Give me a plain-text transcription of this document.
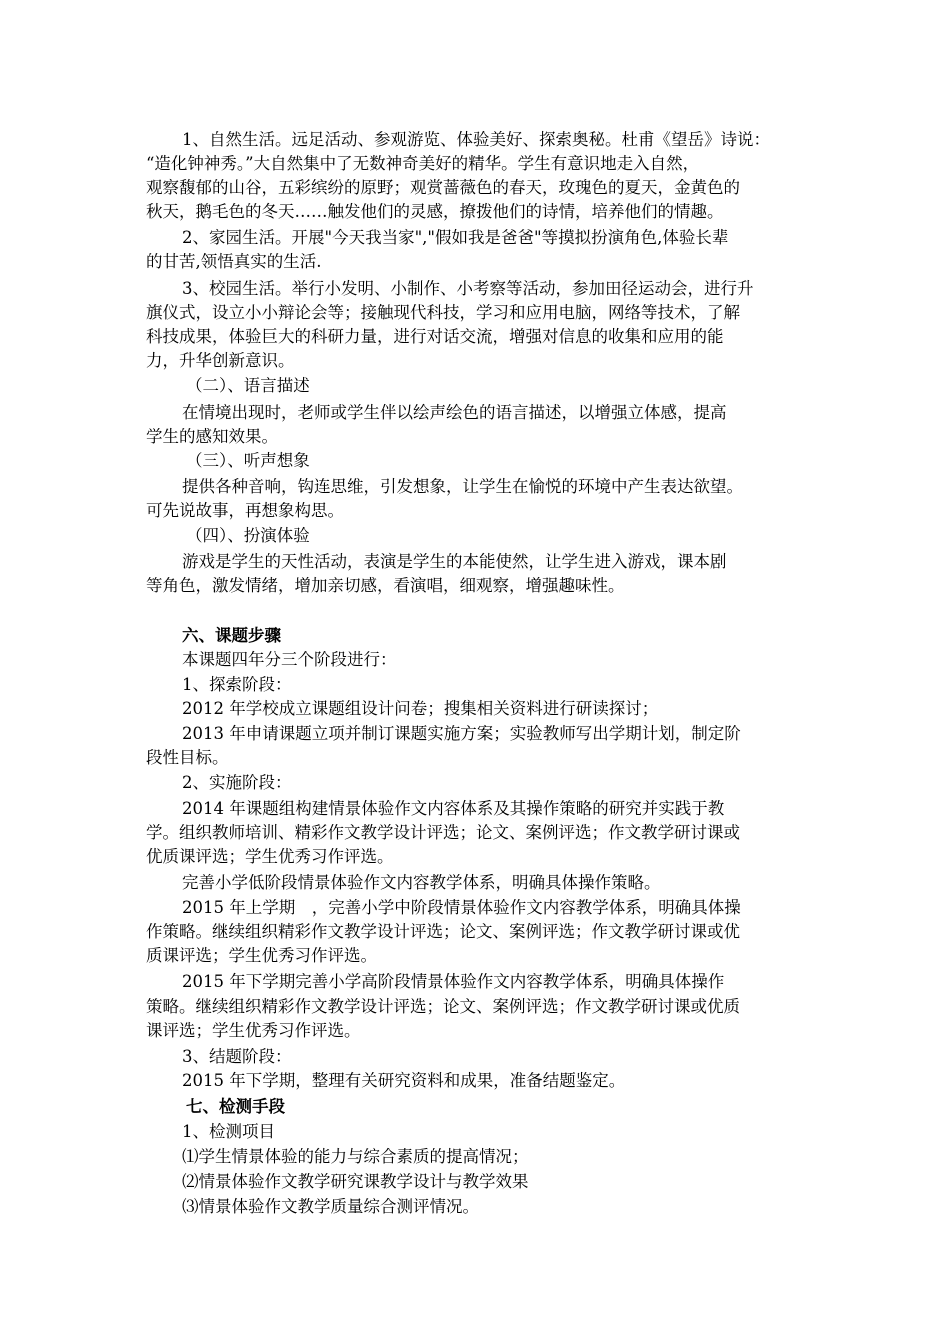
1、自然生活。远足活动、参观游览、体验美好、探索奥秘。杜甫《望岳》诗说：
“造化钟神秀。”大自然集中了无数神奇美好的精华。学生有意识地走入自然，
观察馥郁的山谷，五彩缤纷的原野；观赏蔷薇色的春天，玫瑰色的夏天，金黄色的
秋天，鹅毛色的冬天……触发他们的灵感，撩拨他们的诗情，培养他们的情趣。
2、家园生活。开展"今天我当家","假如我是爸爸"等摸拟扮演角色,体验长辈
的甘苦,领悟真实的生活.
3、校园生活。举行小发明、小制作、小考察等活动，参加田径运动会，进行升
旗仪式，设立小小辩论会等；接触现代科技，学习和应用电脑，网络等技术，了解
科技成果，体验巨大的科研力量，进行对话交流，增强对信息的收集和应用的能
力，升华创新意识。
（二）、语言描述
在情境出现时，老师或学生伴以绘声绘色的语言描述，以增强立体感，提高
学生的感知效果。
（三）、听声想象
提供各种音响，钩连思维，引发想象，让学生在愉悦的环境中产生表达欲望。
可先说故事，再想象构思。
（四）、扮演体验
游戏是学生的天性活动，表演是学生的本能使然，让学生进入游戏，课本剧
等角色，激发情绪，增加亲切感，看演唱，细观察，增强趣味性。
六、课题步骤
本课题四年分三个阶段进行：
1、探索阶段：
2012 年学校成立课题组设计问卷；搜集相关资料进行研读探讨；
2013 年申请课题立项并制订课题实施方案；实验教师写出学期计划，制定阶
段性目标。
2、实施阶段：
2014 年课题组构建情景体验作文内容体系及其操作策略的研究并实践于教
学。组织教师培训、精彩作文教学设计评选；论文、案例评选；作文教学研讨课或
优质课评选；学生优秀习作评选。
完善小学低阶段情景体验作文内容教学体系，明确具体操作策略。
2015 年上学期　，完善小学中阶段情景体验作文内容教学体系，明确具体操
作策略。继续组织精彩作文教学设计评选；论文、案例评选；作文教学研讨课或优
质课评选；学生优秀习作评选。
2015 年下学期完善小学高阶段情景体验作文内容教学体系，明确具体操作
策略。继续组织精彩作文教学设计评选；论文、案例评选；作文教学研讨课或优质
课评选；学生优秀习作评选。
3、结题阶段：
2015 年下学期，整理有关研究资料和成果，准备结题鉴定。
七、检测手段
1、检测项目
⑴学生情景体验的能力与综合素质的提高情况；
⑵情景体验作文教学研究课教学设计与教学效果
⑶情景体验作文教学质量综合测评情况。
